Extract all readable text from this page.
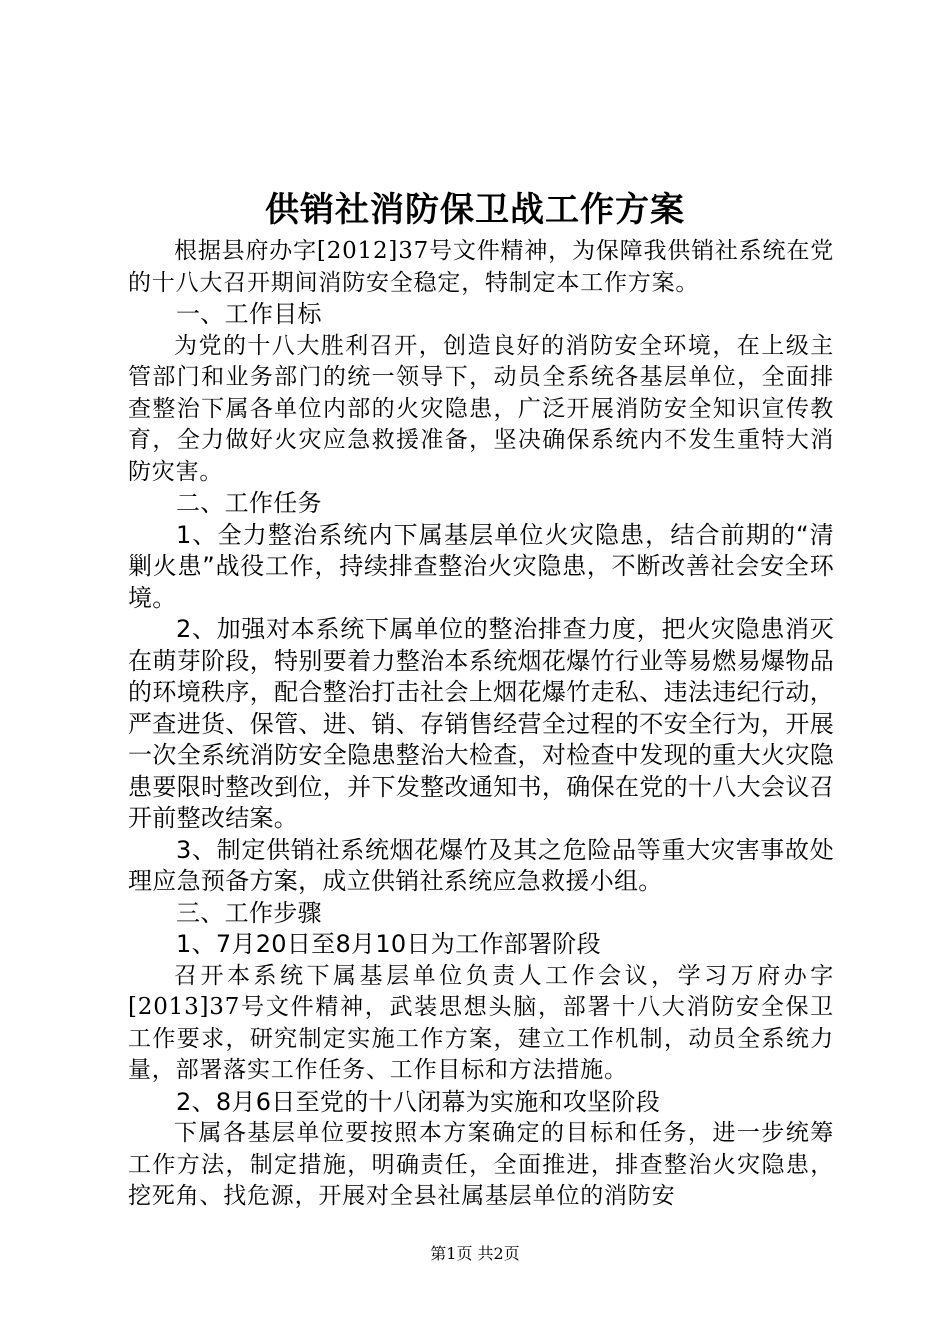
供销社消防保卫战工作方案

根据县府办字[2012]37号文件精神，为保障我供销社系统在党的十八大召开期间消防安全稳定，特制定本工作方案。

一、工作目标

为党的十八大胜利召开，创造良好的消防安全环境，在上级主管部门和业务部门的统一领导下，动员全系统各基层单位，全面排查整治下属各单位内部的火灾隐患，广泛开展消防安全知识宣传教育，全力做好火灾应急救援准备，坚决确保系统内不发生重特大消防灾害。

二、工作任务

1、全力整治系统内下属基层单位火灾隐患，结合前期的“清剿火患”战役工作，持续排查整治火灾隐患，不断改善社会安全环境。

2、加强对本系统下属单位的整治排查力度，把火灾隐患消灭在萌芽阶段，特别要着力整治本系统烟花爆竹行业等易燃易爆物品的环境秩序，配合整治打击社会上烟花爆竹走私、违法违纪行动，严查进货、保管、进、销、存销售经营全过程的不安全行为，开展一次全系统消防安全隐患整治大检查，对检查中发现的重大火灾隐患要限时整改到位，并下发整改通知书，确保在党的十八大会议召开前整改结案。

3、制定供销社系统烟花爆竹及其之危险品等重大灾害事故处理应急预备方案，成立供销社系统应急救援小组。

三、工作步骤

1、7月20日至8月10日为工作部署阶段

召开本系统下属基层单位负责人工作会议，学习万府办字[2013]37号文件精神，武装思想头脑，部署十八大消防安全保卫工作要求，研究制定实施工作方案，建立工作机制，动员全系统力量，部署落实工作任务、工作目标和方法措施。

2、8月6日至党的十八闭幕为实施和攻坚阶段

下属各基层单位要按照本方案确定的目标和任务，进一步统筹工作方法，制定措施，明确责任，全面推进，排查整治火灾隐患，挖死角、找危源，开展对全县社属基层单位的消防安

第1页 共2页
